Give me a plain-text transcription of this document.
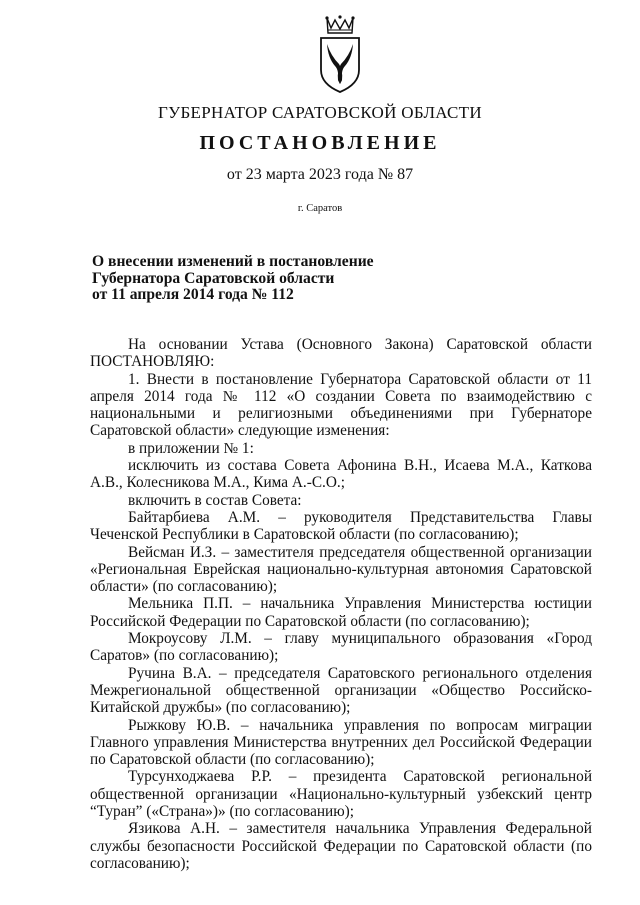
ГУБЕРНАТОР САРАТОВСКОЙ ОБЛАСТИ
ПОСТАНОВЛЕНИЕ
от 23 марта 2023 года № 87
г. Саратов
О внесении изменений в постановление
Губернатора Саратовской области
от 11 апреля 2014 года № 112

На основании Устава (Основного Закона) Саратовской области ПОСТАНОВЛЯЮ:

1. Внести в постановление Губернатора Саратовской области от 11 апреля 2014 года № 112 «О создании Совета по взаимодействию с национальными и религиозными объединениями при Губернаторе Саратовской области» следующие изменения:

в приложении № 1:

исключить из состава Совета Афонина В.Н., Исаева М.А., Каткова А.В., Колесникова М.А., Кима А.-С.О.;

включить в состав Совета:

Байтарбиева А.М. – руководителя Представительства Главы Чеченской Республики в Саратовской области (по согласованию);

Вейсман И.З. – заместителя председателя общественной организации «Региональная Еврейская национально-культурная автономия Саратовской области» (по согласованию);

Мельника П.П. – начальника Управления Министерства юстиции Российской Федерации по Саратовской области (по согласованию);

Мокроусову Л.М. – главу муниципального образования «Город Саратов» (по согласованию);

Ручина В.А. – председателя Саратовского регионального отделения Межрегиональной общественной организации «Общество Российско-Китайской дружбы» (по согласованию);

Рыжкову Ю.В. – начальника управления по вопросам миграции Главного управления Министерства внутренних дел Российской Федерации по Саратовской области (по согласованию);

Турсунходжаева Р.Р. – президента Саратовской региональной общественной организации «Национально-культурный узбекский центр “Туран” («Страна»)» (по согласованию);

Язикова А.Н. – заместителя начальника Управления Федеральной службы безопасности Российской Федерации по Саратовской области (по согласованию);
